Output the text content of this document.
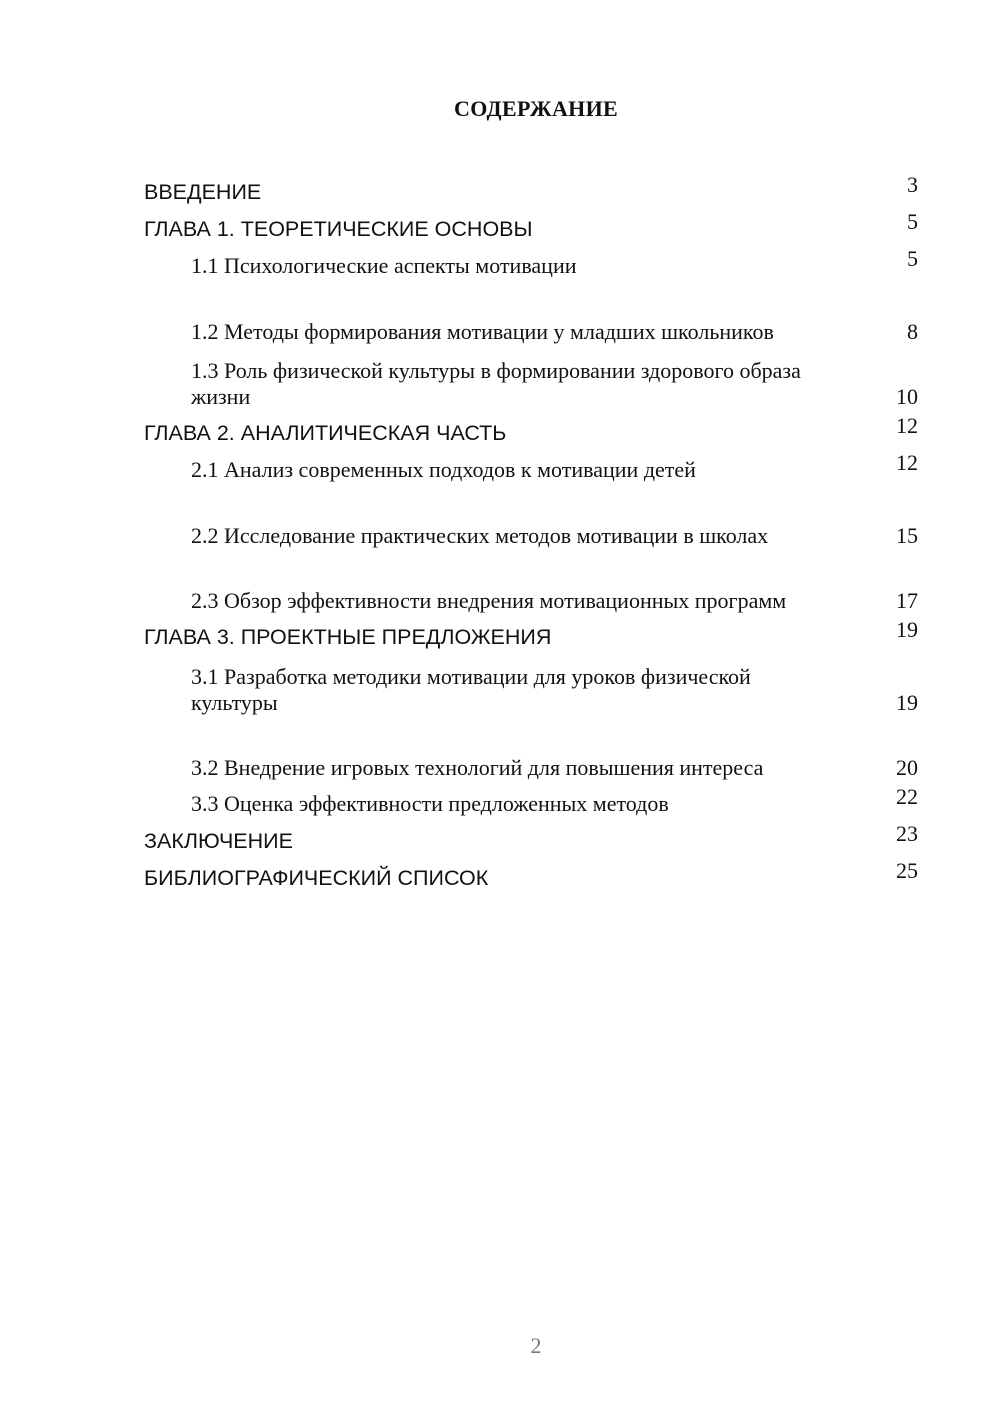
СОДЕРЖАНИЕ
ВВЕДЕНИЕ	3
ГЛАВА 1. ТЕОРЕТИЧЕСКИЕ ОСНОВЫ	5
1.1 Психологические аспекты мотивации	5
1.2 Методы формирования мотивации у младших школьников	8
1.3 Роль физической культуры в формировании здорового образа жизни	10
ГЛАВА 2. АНАЛИТИЧЕСКАЯ ЧАСТЬ	12
2.1 Анализ современных подходов к мотивации детей	12
2.2 Исследование практических методов мотивации в школах	15
2.3 Обзор эффективности внедрения мотивационных программ	17
ГЛАВА 3. ПРОЕКТНЫЕ ПРЕДЛОЖЕНИЯ	19
3.1 Разработка методики мотивации для уроков физической культуры	19
3.2 Внедрение игровых технологий для повышения интереса	20
3.3 Оценка эффективности предложенных методов	22
ЗАКЛЮЧЕНИЕ	23
БИБЛИОГРАФИЧЕСКИЙ СПИСОК	25
2
